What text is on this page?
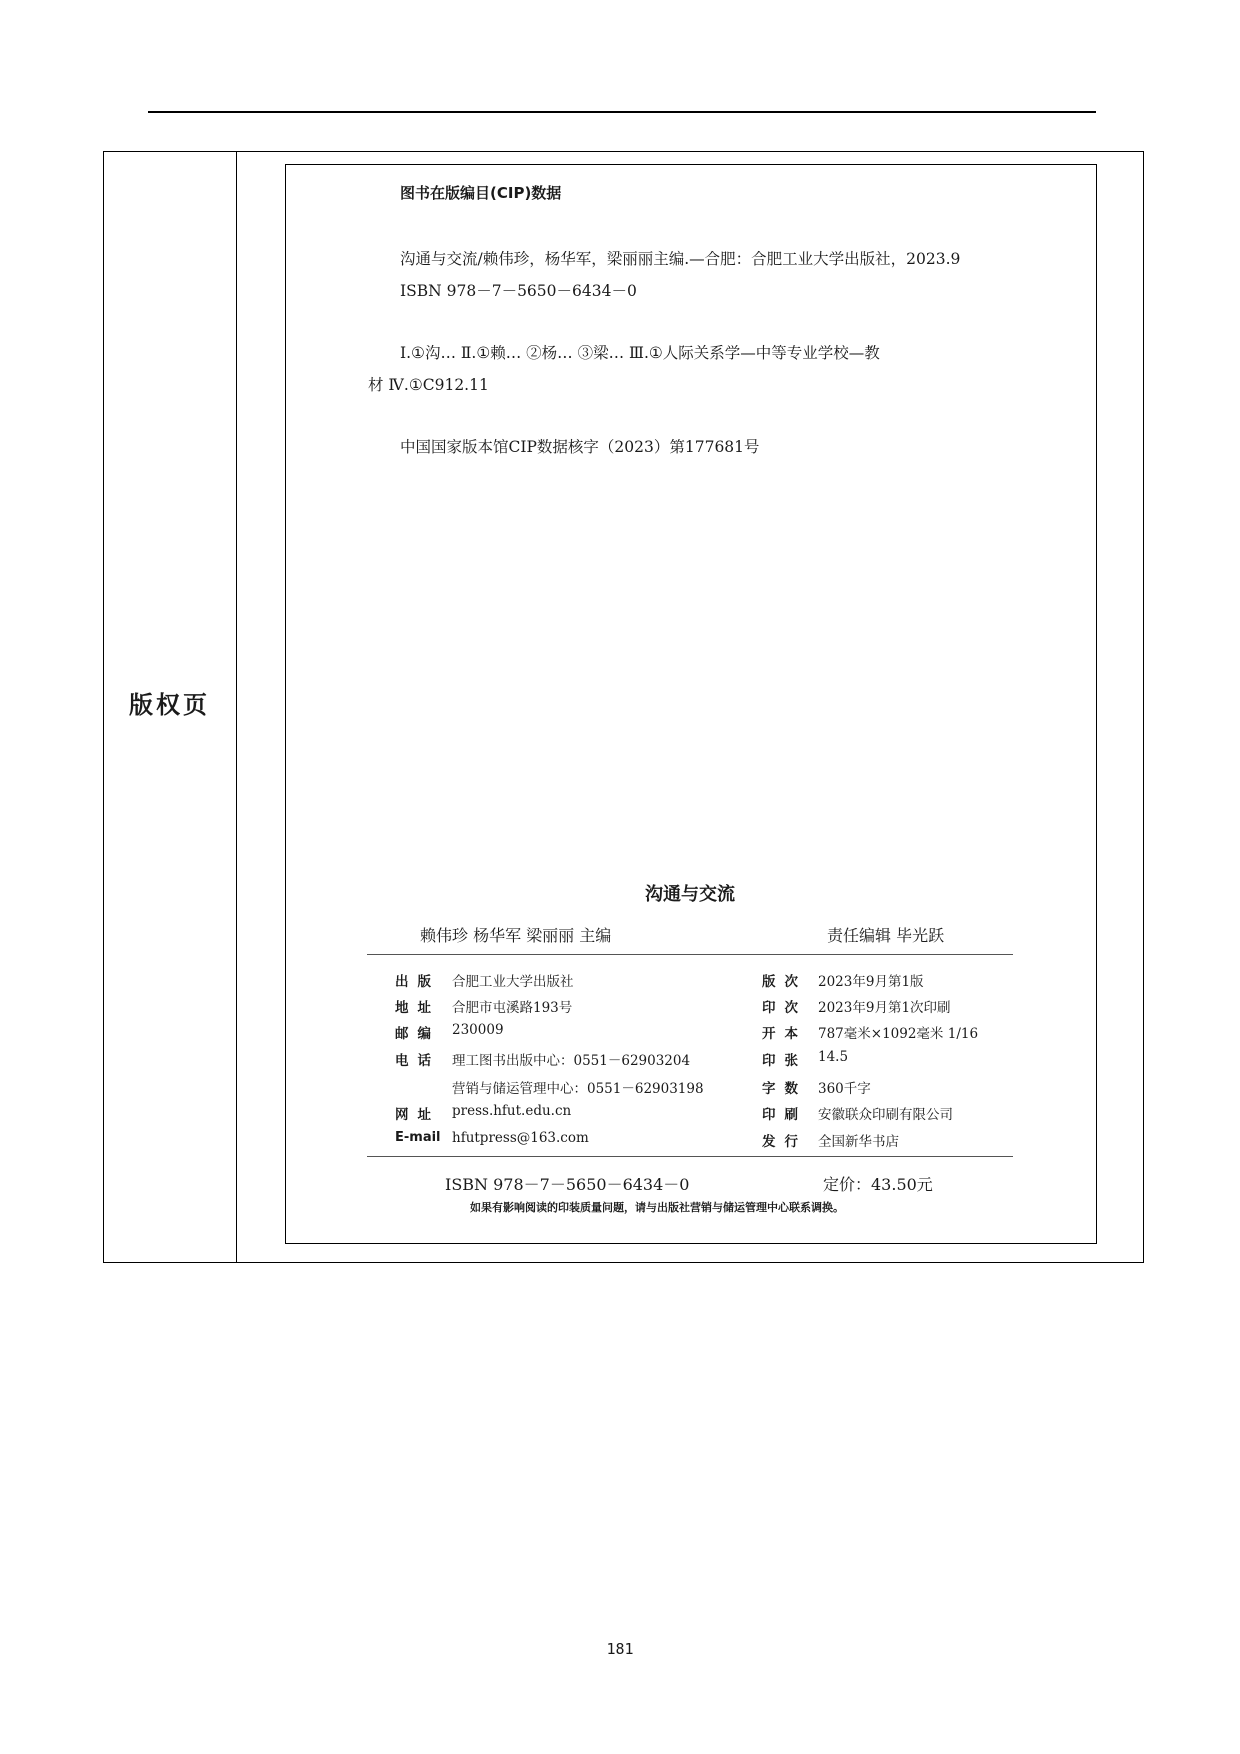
版权页
图书在版编目(CIP)数据
沟通与交流/赖伟珍，杨华军，梁丽丽主编.—合肥：合肥工业大学出版社，2023.9
ISBN 978－7－5650－6434－0
Ⅰ.①沟… Ⅱ.①赖… ②杨… ③梁… Ⅲ.①人际关系学—中等专业学校—教
材 Ⅳ.①C912.11
中国国家版本馆CIP数据核字（2023）第177681号
沟通与交流
赖伟珍 杨华军 梁丽丽 主编	责任编辑 毕光跃
出版 合肥工业大学出版社
地址 合肥市屯溪路193号
邮编 230009
电话 理工图书出版中心：0551－62903204
营销与储运管理中心：0551－62903198
网址 press.hfut.edu.cn
E-mail hfutpress@163.com
版次 2023年9月第1版
印次 2023年9月第1次印刷
开本 787毫米×1092毫米 1/16
印张 14.5
字数 360千字
印刷 安徽联众印刷有限公司
发行 全国新华书店
ISBN 978－7－5650－6434－0	定价：43.50元
如果有影响阅读的印装质量问题，请与出版社营销与储运管理中心联系调换。
181
